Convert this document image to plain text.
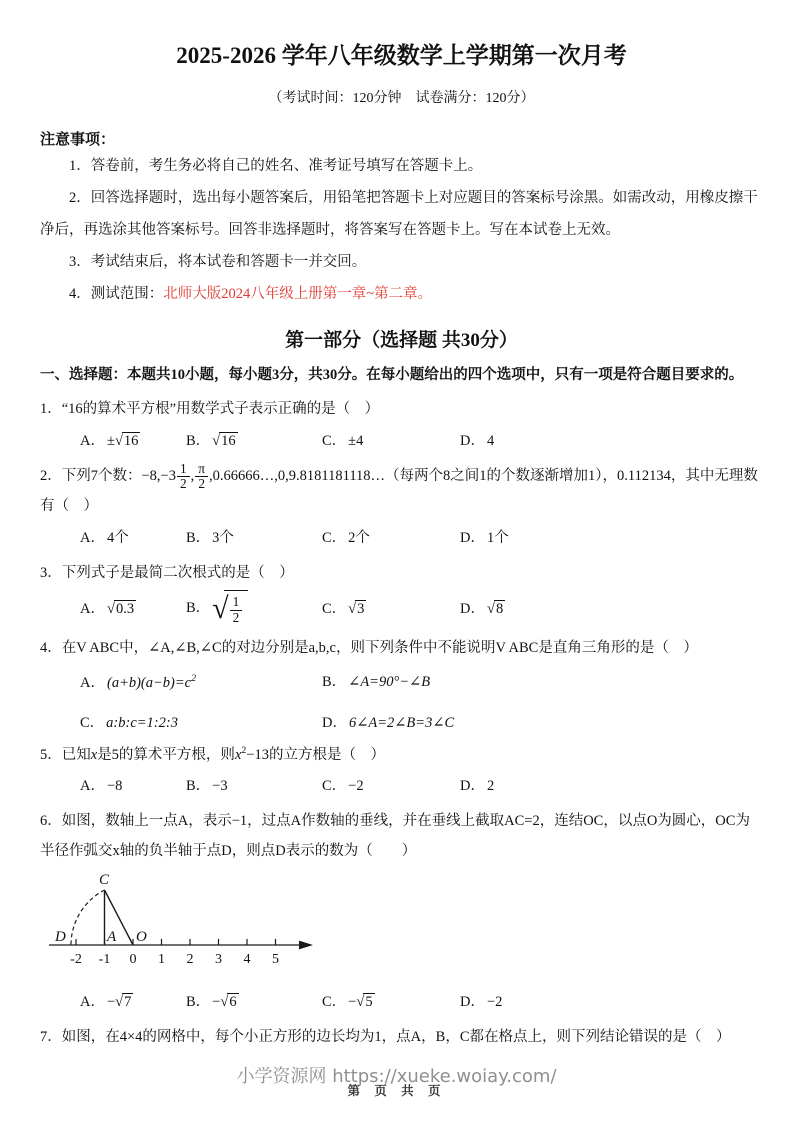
2025-2026 学年八年级数学上学期第一次月考
（考试时间：120分钟　试卷满分：120分）
注意事项：

1．答卷前，考生务必将自己的姓名、准考证号填写在答题卡上。

2．回答选择题时，选出每小题答案后，用铅笔把答题卡上对应题目的答案标号涂黑。如需改动，用橡皮擦干净后，再选涂其他答案标号。回答非选择题时，将答案写在答题卡上。写在本试卷上无效。

3．考试结束后，将本试卷和答题卡一并交回。

4．测试范围：北师大版2024八年级上册第一章~第二章。

第一部分（选择题 共30分）

一、选择题：本题共10小题，每小题3分，共30分。在每小题给出的四个选项中，只有一项是符合题目要求的。

1．“16的算术平方根”用数学式子表示正确的是（　）

A． ±√ 16	B． √ 16	C． ±4	D． 4

2．下列7个数：$-8,-3 \frac{1}{2}$ , $\frac{\pi}{2}$ ,0.66666…,0,9.8181181118…（每两个8之间1的个数逐渐增加1），0.112134，其中无理数有（　）

A． 4个	B． 3个	C． 2个	D． 1个

3．下列式子是最简二次根式的是（　）

A． √ 0.3	B． √ $\frac{1}{2}$	C． √ 3	D． √ 8

4．在V ABC中，∠A,∠B,∠C的对边分别是a,b,c，则下列条件中不能说明V ABC是直角三角形的是（　）

A． $(a+b)(a-b)=c^2$	B． ∠A=90°−∠B
C． a:b:c=1:2:3	D． 6∠A=2∠B=3∠C

5．已知x是5的算术平方根，则$x^2-13$的立方根是（　）

A． −8	B． −3	C． −2	D． 2

6．如图，数轴上一点A，表示−1，过点A作数轴的垂线，并在垂线上截取AC=2，连结OC，以点O为圆心，OC为半径作弧交x轴的负半轴于点D，则点D表示的数为（　　）

-2 -1 0 1 2 3 4 5
C
D	A O
A． −√ 7	B． −√ 6	C． −√ 5	D． −2

7．如图，在4×4的网格中，每个小正方形的边长均为1，点A，B，C都在格点上，则下列结论错误的是（　）

小学资源网 https://xueke.woiay.com/
第 页 共 页
